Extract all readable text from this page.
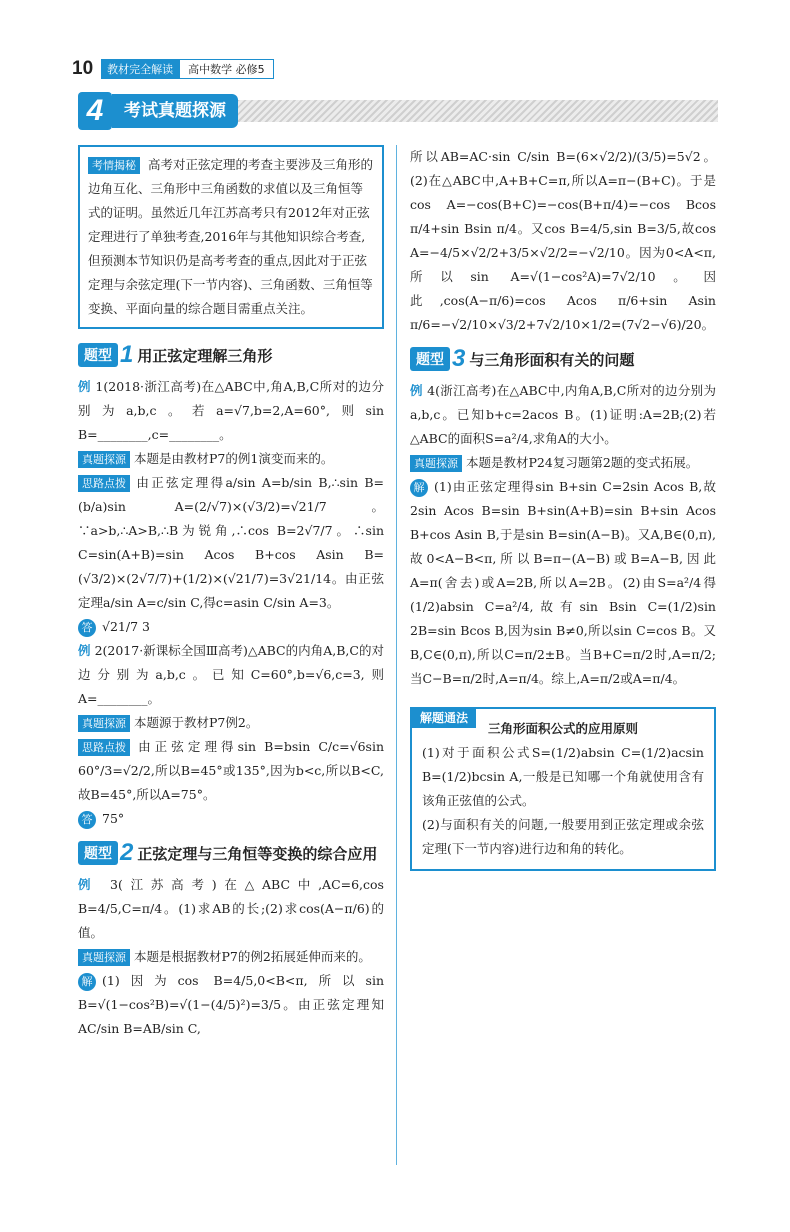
10	教材完全解读	高中数学 必修5
4	考试真题探源
考情揭秘 高考对正弦定理的考查主要涉及三角形的边角互化、三角形中三角函数的求值以及三角恒等式的证明。虽然近几年江苏高考只有2012年对正弦定理进行了单独考查,2016年与其他知识综合考查,但预测本节知识仍是高考考查的重点,因此对于正弦定理与余弦定理(下一节内容)、三角函数、三角恒等变换、平面向量的综合题目需重点关注。
题型 1 用正弦定理解三角形
例 1(2018·浙江高考)在△ABC中,角A,B,C所对的边分别为a,b,c。若a=√7,b=2,A=60°,则sin B=________,c=________。
真题探源 本题是由教材P7的例1演变而来的。
思路点拨 由正弦定理得a/sin A=b/sin B,∴sin B=(b/a)sin A=(2/√7)×(√3/2)=√21/7。∵a>b,∴A>B,∴B为锐角,∴cos B=2√7/7。∴sin C=sin(A+B)=sin Acos B+cos Asin B=(√3/2)×(2√7/7)+(1/2)×(√21/7)=3√21/14。由正弦定理a/sin A=c/sin C,得c=asin C/sin A=3。
答 √21/7 3
例 2(2017·新课标全国Ⅲ高考)△ABC的内角A,B,C的对边分别为a,b,c。已知C=60°,b=√6,c=3,则A=________。
真题探源 本题源于教材P7例2。
思路点拨 由正弦定理得sin B=bsin C/c=√6sin 60°/3=√2/2,所以B=45°或135°,因为b<c,所以B<C,故B=45°,所以A=75°。
答 75°
题型 2 正弦定理与三角恒等变换的综合应用
例 3(江苏高考)在△ABC中,AC=6,cos B=4/5,C=π/4。(1)求AB的长;(2)求cos(A−π/6)的值。
真题探源 本题是根据教材P7的例2拓展延伸而来的。
解 (1)因为cos B=4/5,0<B<π,所以sin B=√(1−cos²B)=√(1−(4/5)²)=3/5。由正弦定理知AC/sin B=AB/sin C,
所以AB=AC·sin C/sin B=(6×√2/2)/(3/5)=5√2。(2)在△ABC中,A+B+C=π,所以A=π−(B+C)。于是cos A=−cos(B+C)=−cos(B+π/4)=−cos Bcos π/4+sin Bsin π/4。又cos B=4/5,sin B=3/5,故cos A=−4/5×√2/2+3/5×√2/2=−√2/10。因为0<A<π,所以sin A=√(1−cos²A)=7√2/10。因此,cos(A−π/6)=cos Acos π/6+sin Asin π/6=−√2/10×√3/2+7√2/10×1/2=(7√2−√6)/20。
题型 3 与三角形面积有关的问题
例 4(浙江高考)在△ABC中,内角A,B,C所对的边分别为a,b,c。已知b+c=2acos B。(1)证明:A=2B;(2)若△ABC的面积S=a²/4,求角A的大小。
真题探源 本题是教材P24复习题第2题的变式拓展。
解 (1)由正弦定理得sin B+sin C=2sin Acos B,故2sin Acos B=sin B+sin(A+B)=sin B+sin Acos B+cos Asin B,于是sin B=sin(A−B)。又A,B∈(0,π),故0<A−B<π,所以B=π−(A−B)或B=A−B,因此A=π(舍去)或A=2B,所以A=2B。(2)由S=a²/4得(1/2)absin C=a²/4,故有sin Bsin C=(1/2)sin 2B=sin Bcos B,因为sin B≠0,所以sin C=cos B。又B,C∈(0,π),所以C=π/2±B。当B+C=π/2时,A=π/2;当C−B=π/2时,A=π/4。综上,A=π/2或A=π/4。
解题通法
三角形面积公式的应用原则
(1)对于面积公式S=(1/2)absin C=(1/2)acsin B=(1/2)bcsin A,一般是已知哪一个角就使用含有该角正弦值的公式。
(2)与面积有关的问题,一般要用到正弦定理或余弦定理(下一节内容)进行边和角的转化。
